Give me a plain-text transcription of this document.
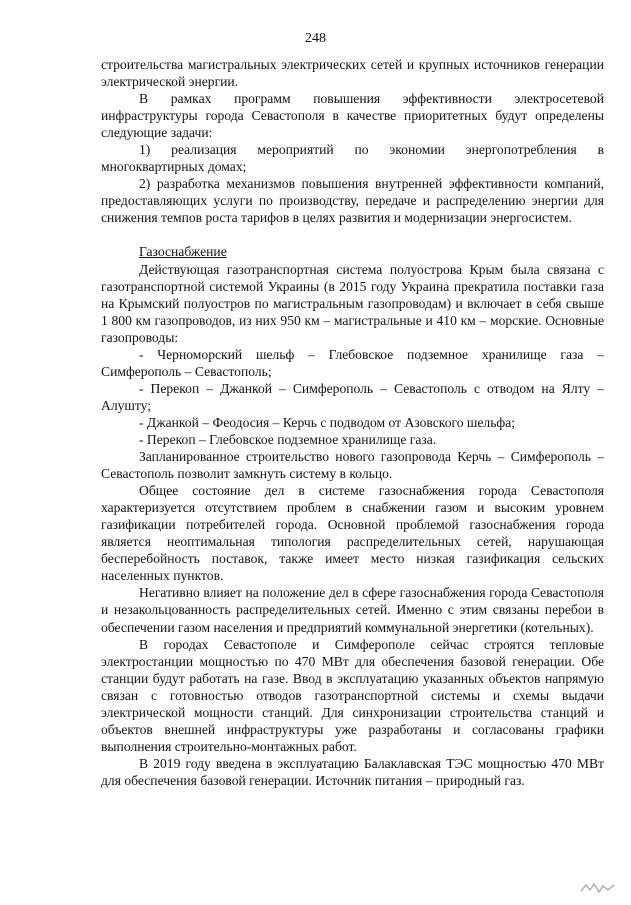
248

строительства магистральных электрических сетей и крупных источников генерации электрической энергии.

В рамках программ повышения эффективности электросетевой инфраструктуры города Севастополя в качестве приоритетных будут определены следующие задачи:

1) реализация мероприятий по экономии энергопотребления в многоквартирных домах;

2) разработка механизмов повышения внутренней эффективности компаний, предоставляющих услуги по производству, передаче и распределению энергии для снижения темпов роста тарифов в целях развития и модернизации энергосистем.

Газоснабжение

Действующая газотранспортная система полуострова Крым была связана с газотранспортной системой Украины (в 2015 году Украина прекратила поставки газа на Крымский полуостров по магистральным газопроводам) и включает в себя свыше 1 800 км газопроводов, из них 950 км – магистральные и 410 км – морские. Основные газопроводы:

- Черноморский шельф – Глебовское подземное хранилище газа – Симферополь – Севастополь;

- Перекоп – Джанкой – Симферополь – Севастополь с отводом на Ялту – Алушту;

- Джанкой – Феодосия – Керчь с подводом от Азовского шельфа;

- Перекоп – Глебовское подземное хранилище газа.

Запланированное строительство нового газопровода Керчь – Симферополь – Севастополь позволит замкнуть систему в кольцо.

Общее состояние дел в системе газоснабжения города Севастополя характеризуется отсутствием проблем в снабжении газом и высоким уровнем газификации потребителей города. Основной проблемой газоснабжения города является неоптимальная типология распределительных сетей, нарушающая бесперебойность поставок, также имеет место низкая газификация сельских населенных пунктов.

Негативно влияет на положение дел в сфере газоснабжения города Севастополя и незакольцованность распределительных сетей. Именно с этим связаны перебои в обеспечении газом населения и предприятий коммунальной энергетики (котельных).

В городах Севастополе и Симферополе сейчас строятся тепловые электростанции мощностью по 470 МВт для обеспечения базовой генерации. Обе станции будут работать на газе. Ввод в эксплуатацию указанных объектов напрямую связан с готовностью отводов газотранспортной системы и схемы выдачи электрической мощности станций. Для синхронизации строительства станций и объектов внешней инфраструктуры уже разработаны и согласованы графики выполнения строительно-монтажных работ.

В 2019 году введена в эксплуатацию Балаклавская ТЭС мощностью 470 МВт для обеспечения базовой генерации. Источник питания – природный газ.
